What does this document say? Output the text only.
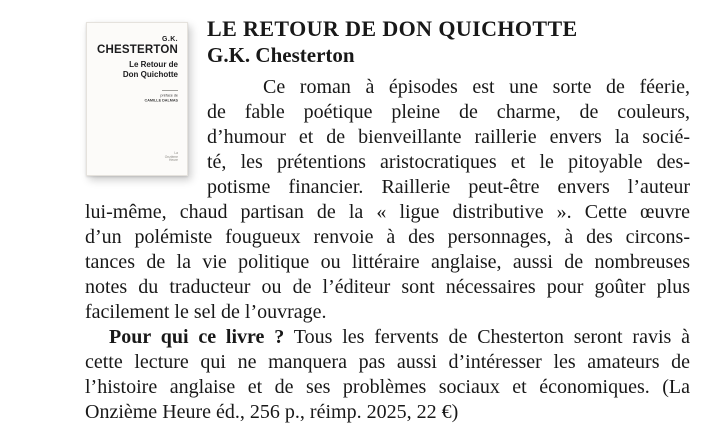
G.K.
CHESTERTON
Le Retour de
Don Quichotte
préface de
CAMILLE DALMAS
La
Onzième
Heure
LE RETOUR DE DON QUICHOTTE
G.K. Chesterton
Ce roman à épisodes est une sorte de féerie,
de fable poétique pleine de charme, de couleurs,
d’humour et de bienveillante raillerie envers la socié-
té, les prétentions aristocratiques et le pitoyable des-
potisme financier. Raillerie peut-être envers l’auteur
lui-même, chaud partisan de la « ligue distributive ». Cette œuvre
d’un polémiste fougueux renvoie à des personnages, à des circons-
tances de la vie politique ou littéraire anglaise, aussi de nombreuses
notes du traducteur ou de l’éditeur sont nécessaires pour goûter plus
facilement le sel de l’ouvrage.
Pour qui ce livre ? Tous les fervents de Chesterton seront ravis à
cette lecture qui ne manquera pas aussi d’intéresser les amateurs de
l’histoire anglaise et de ses problèmes sociaux et économiques. (La
Onzième Heure éd., 256 p., réimp. 2025, 22 €)
